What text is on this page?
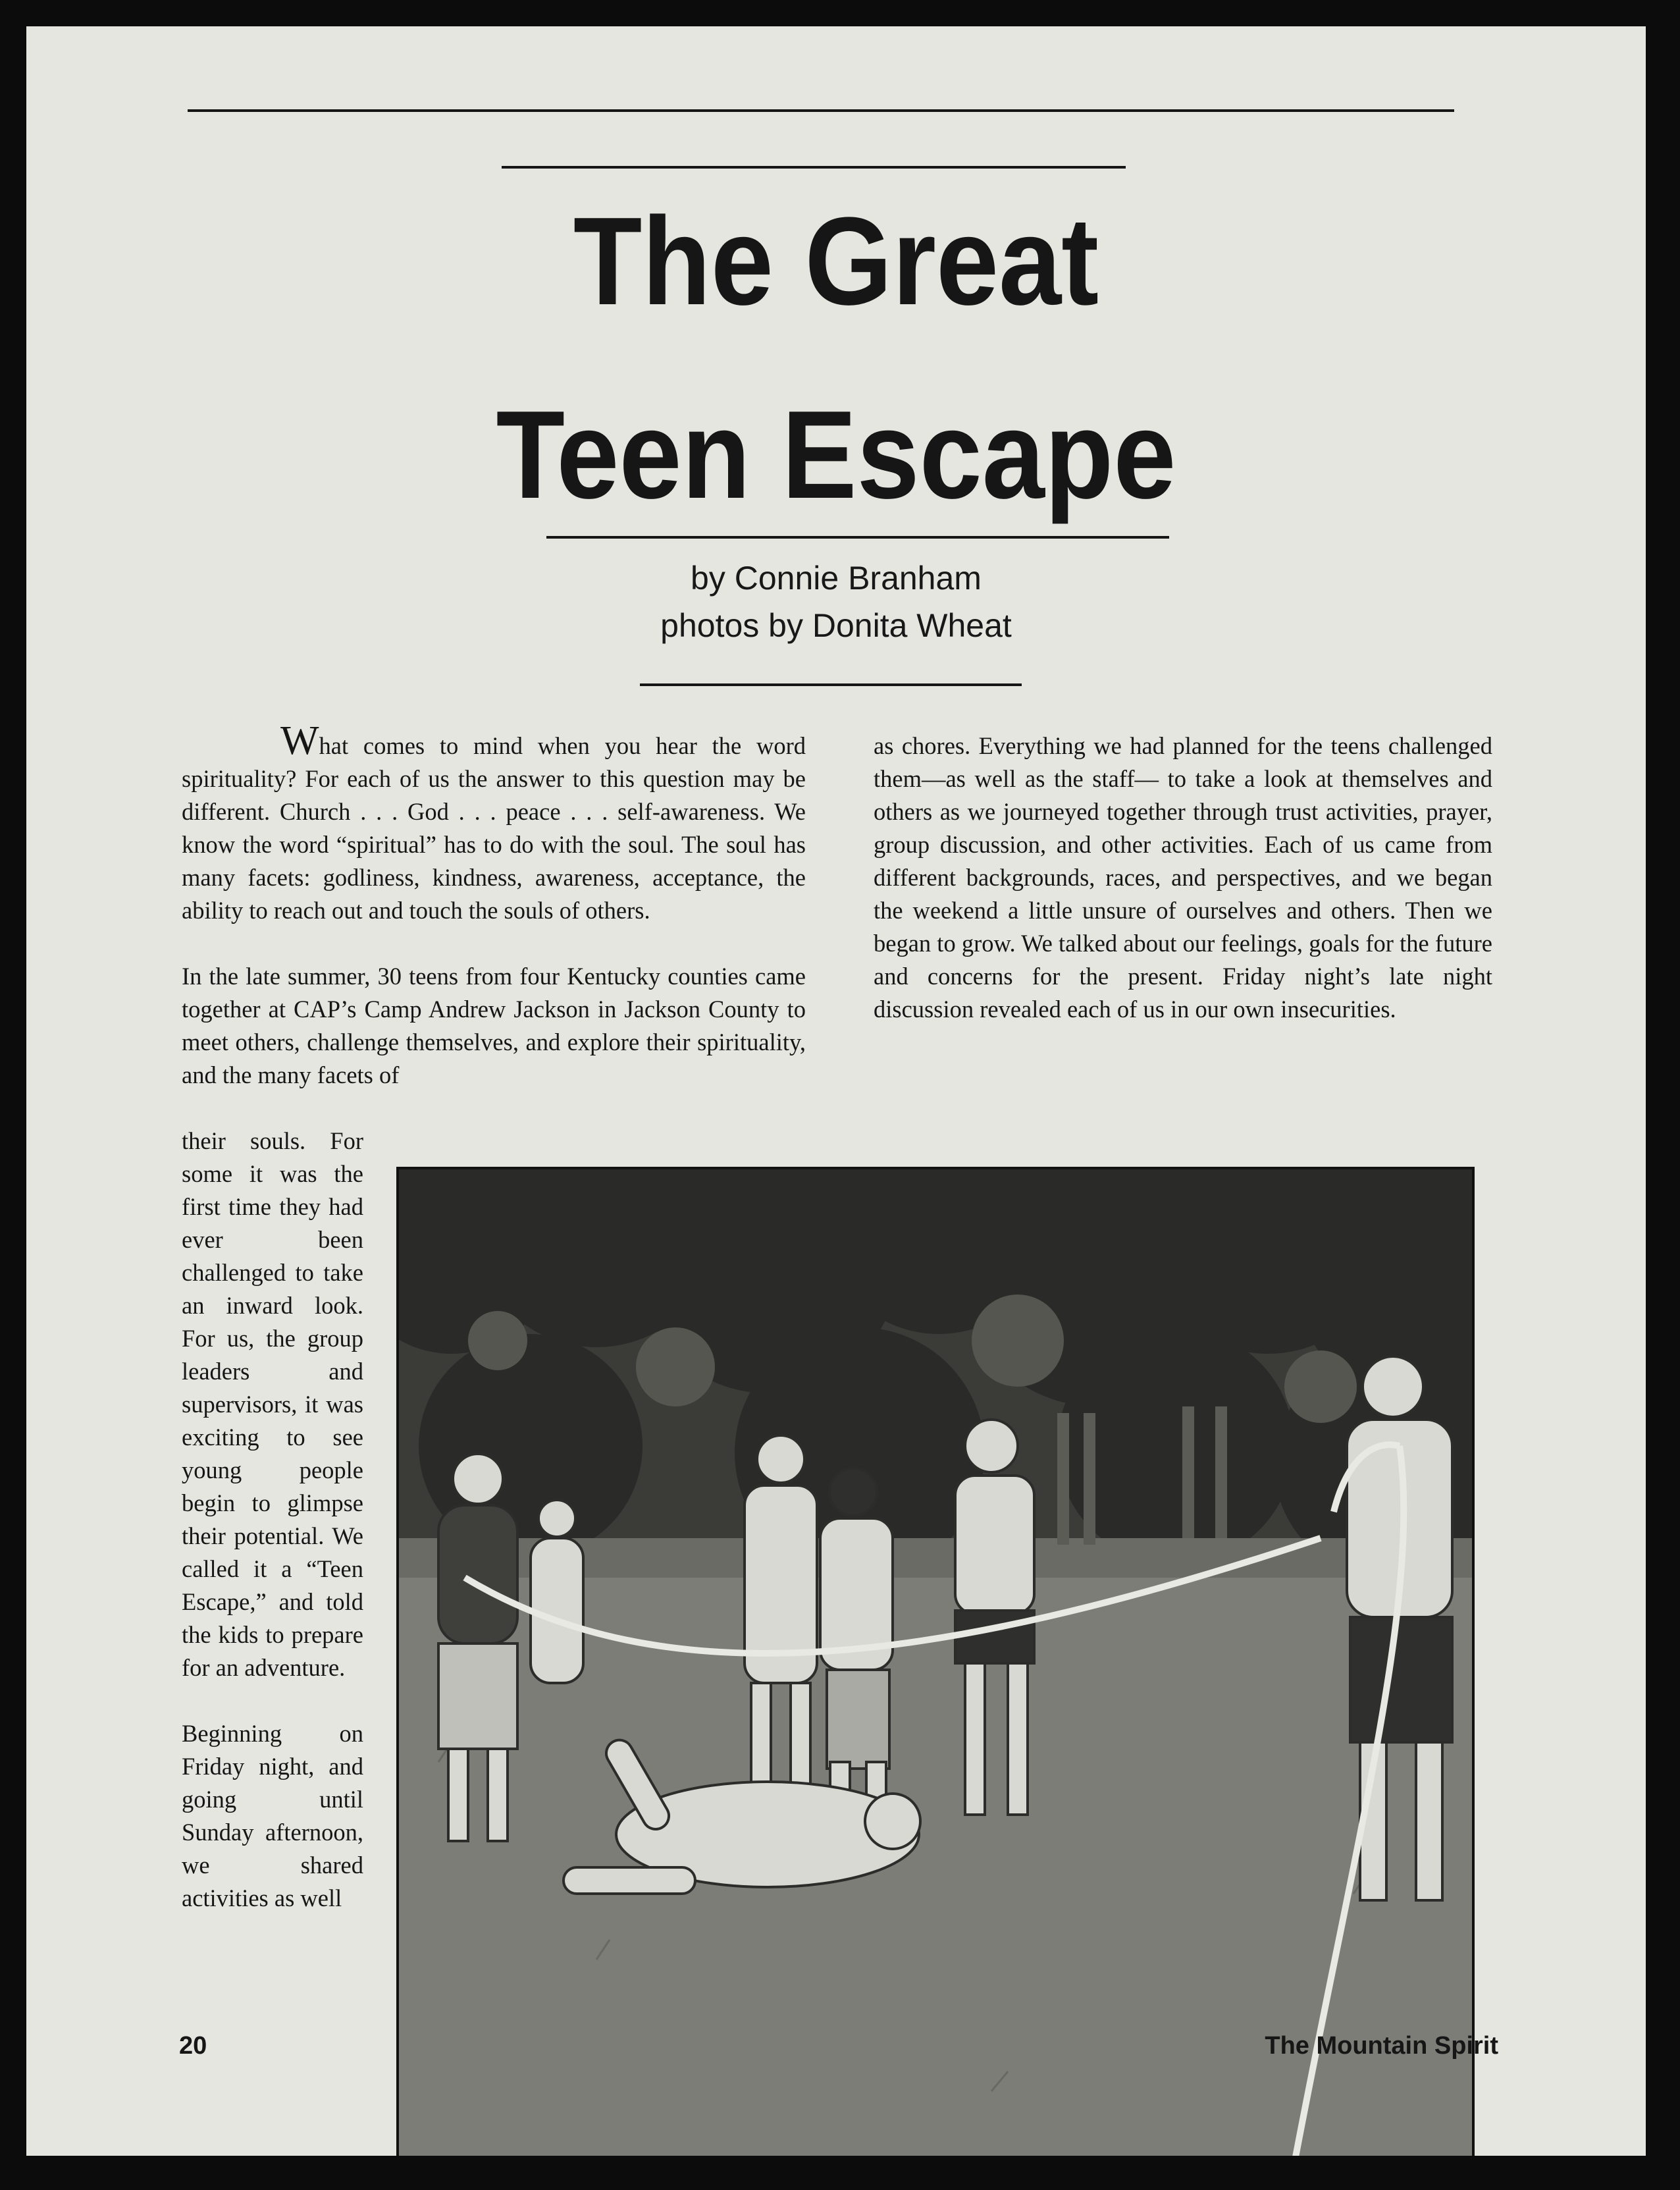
The Great
Teen Escape
by Connie Branham
photos by Donita Wheat

What comes to mind when you hear the word spirituality? For each of us the answer to this question may be different. Church . . . God . . . peace . . . self-awareness. We know the word “spiritual” has to do with the soul. The soul has many facets: godliness, kindness, awareness, acceptance, the ability to reach out and touch the souls of others.

In the late summer, 30 teens from four Kentucky counties came together at CAP’s Camp Andrew Jackson in Jackson County to meet others, challenge themselves, and explore their spirituality, and the many facets of

their souls. For some it was the first time they had ever been challenged to take an inward look. For us, the group leaders and supervisors, it was exciting to see young people begin to glimpse their potential. We called it a “Teen Escape,” and told the kids to prepare for an adventure.

Beginning on Friday night, and going until Sunday afternoon, we shared activities as well

as chores. Everything we had planned for the teens challenged them—as well as the staff— to take a look at themselves and others as we journeyed together through trust activities, prayer, group discussion, and other activities. Each of us came from different backgrounds, races, and perspectives, and we began the weekend a little unsure of ourselves and others. Then we began to grow. We talked about our feelings, goals for the future and concerns for the present. Friday night’s late night discussion revealed each of us in our own insecurities.

20	The Mountain Spirit
